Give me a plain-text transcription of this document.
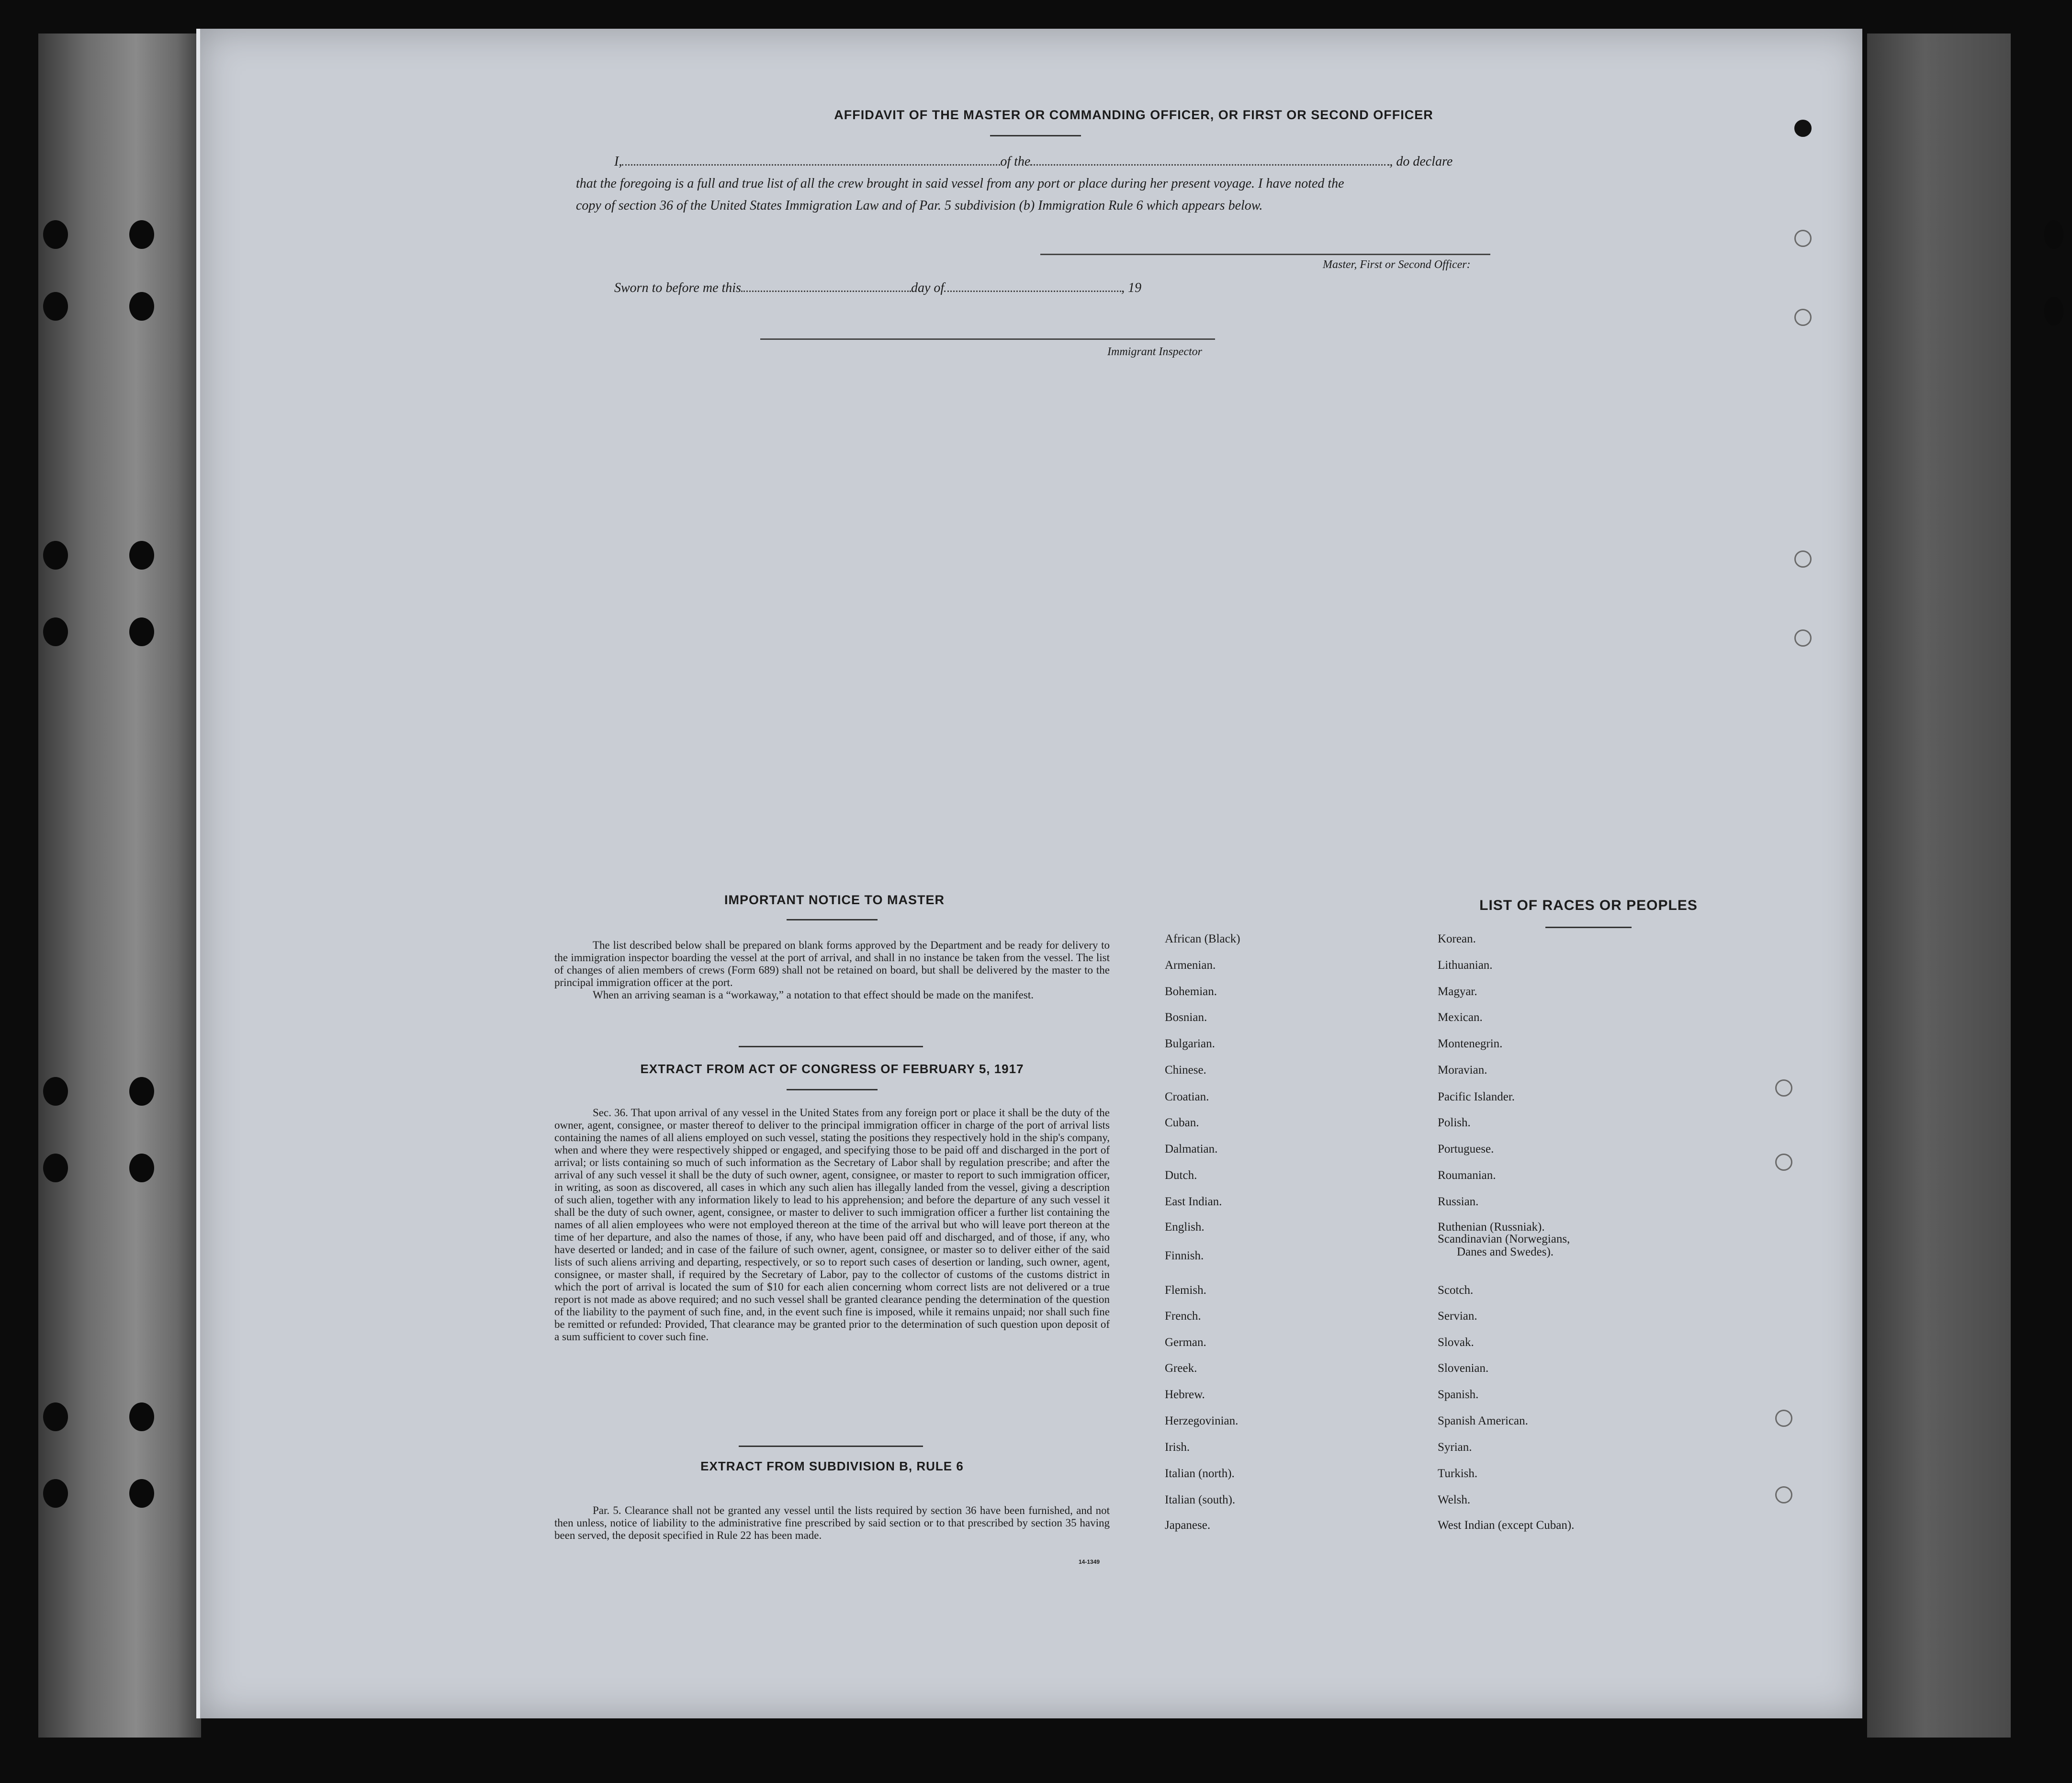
AFFIDAVIT OF THE MASTER OR COMMANDING OFFICER, OR FIRST OR SECOND OFFICER
I,	of the	, do declare
that the foregoing is a full and true list of all the crew brought in said vessel from any port or place during her present voyage. I have noted the
copy of section 36 of the United States Immigration Law and of Par. 5 subdivision (b) Immigration Rule 6 which appears below.
Master, First or Second Officer:
Sworn to before me this	day of	, 19
Immigrant Inspector
IMPORTANT NOTICE TO MASTER

The list described below shall be prepared on blank forms approved by the Department and be ready for delivery to the immigration inspector boarding the vessel at the port of arrival, and shall in no instance be taken from the vessel. The list of changes of alien members of crews (Form 689) shall not be retained on board, but shall be delivered by the master to the principal immigration officer at the port.

When an arriving seaman is a “workaway,” a notation to that effect should be made on the manifest.

EXTRACT FROM ACT OF CONGRESS OF FEBRUARY 5, 1917

Sec. 36. That upon arrival of any vessel in the United States from any foreign port or place it shall be the duty of the owner, agent, consignee, or master thereof to deliver to the principal immigration officer in charge of the port of arrival lists containing the names of all aliens employed on such vessel, stating the positions they respectively hold in the ship's company, when and where they were respectively shipped or engaged, and specifying those to be paid off and discharged in the port of arrival; or lists containing so much of such information as the Secretary of Labor shall by regulation prescribe; and after the arrival of any such vessel it shall be the duty of such owner, agent, consignee, or master to report to such immigration officer, in writing, as soon as discovered, all cases in which any such alien has illegally landed from the vessel, giving a description of such alien, together with any information likely to lead to his apprehension; and before the departure of any such vessel it shall be the duty of such owner, agent, consignee, or master to deliver to such immigration officer a further list containing the names of all alien employees who were not employed thereon at the time of the arrival but who will leave port thereon at the time of her departure, and also the names of those, if any, who have been paid off and discharged, and of those, if any, who have deserted or landed; and in case of the failure of such owner, agent, consignee, or master so to deliver either of the said lists of such aliens arriving and departing, respectively, or so to report such cases of desertion or landing, such owner, agent, consignee, or master shall, if required by the Secretary of Labor, pay to the collector of customs of the customs district in which the port of arrival is located the sum of $10 for each alien concerning whom correct lists are not delivered or a true report is not made as above required; and no such vessel shall be granted clearance pending the determination of the question of the liability to the payment of such fine, and, in the event such fine is imposed, while it remains unpaid; nor shall such fine be remitted or refunded: Provided, That clearance may be granted prior to the determination of such question upon deposit of a sum sufficient to cover such fine.

EXTRACT FROM SUBDIVISION B, RULE 6

Par. 5. Clearance shall not be granted any vessel until the lists required by section 36 have been furnished, and not then unless, notice of liability to the administrative fine prescribed by said section or to that prescribed by section 35 having been served, the deposit specified in Rule 22 has been made.

14-1349
LIST OF RACES OR PEOPLES
African (Black)
Armenian.
Bohemian.
Bosnian.
Bulgarian.
Chinese.
Croatian.
Cuban.
Dalmatian.
Dutch.
East Indian.
English.
Finnish.
Flemish.
French.
German.
Greek.
Hebrew.
Herzegovinian.
Irish.
Italian (north).
Italian (south).
Japanese.
Korean.
Lithuanian.
Magyar.
Mexican.
Montenegrin.
Moravian.
Pacific Islander.
Polish.
Portuguese.
Roumanian.
Russian.
Ruthenian (Russniak).
Scandinavian (Norwegians,
Scotch.
Servian.
Slovak.
Slovenian.
Spanish.
Spanish American.
Syrian.
Turkish.
Welsh.
West Indian (except Cuban).
Danes and Swedes).
